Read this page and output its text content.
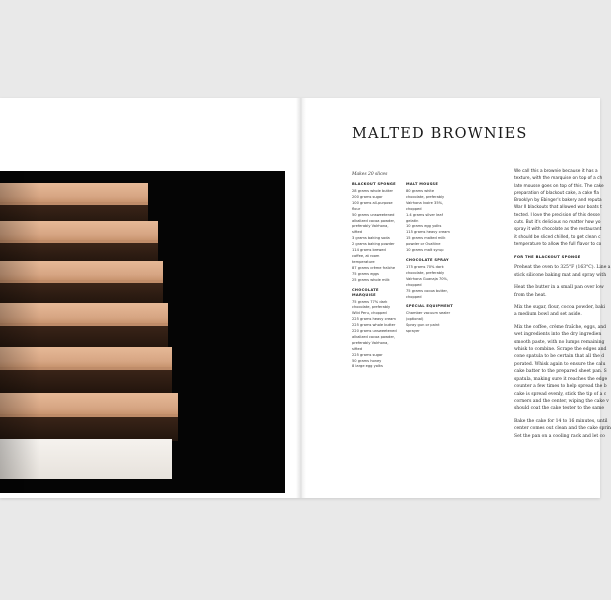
MALTED BROWNIES
Makes 20 slices
BLACKOUT SPONGE
28 grams whole butter
200 grams sugar
100 grams all-purpose
flour
50 grams unsweetened
alkalized cocoa powder,
preferably Valrhona,
sifted
3 grams baking soda
2 grams baking powder
114 grams brewed
coffee, at room
temperature
87 grams crème fraîche
75 grams eggs
25 grams whole milk
CHOCOLATE MARQUISE
75 grams 77% dark
chocolate, preferably
Wild Peru, chopped
225 grams heavy cream
225 grams whole butter
220 grams unsweetened
alkalized cocoa powder,
preferably Valrhona,
sifted
225 grams sugar
50 grams honey
8 large egg yolks
MALT MOUSSE
80 grams white
chocolate, preferably
Valrhona Ivoire 35%,
chopped
1.4 grams silver leaf
gelatin
10 grams egg yolks
115 grams heavy cream
15 grams malted milk
powder or Ovaltine
10 grams malt syrup
CHOCOLATE SPRAY
175 grams 70% dark
chocolate, preferably
Valrhona Guanaja 70%,
chopped
75 grams cocoa butter,
chopped
SPECIAL EQUIPMENT
Chamber vacuum sealer
(optional)
Spray gun or paint
sprayer

We call this a brownie because it has a

texture, with the marquise on top of a ch

late mousse goes on top of this. The cake

preparation of blackout cake, a cake fla

Brooklyn by Ebinger's bakery and reputa

War II blackouts that allowed war boats t

tected. I love the precision of this desse

cuts. But it's delicious no matter how yo

spray it with chocolate as the restaurant

it should be sliced chilled, to get clean c

temperature to allow the full flavor to co

FOR THE BLACKOUT SPONGE

Preheat the oven to 325°F (163°C). Line a
stick silicone baking mat and spray with

Heat the butter in a small pan over low
from the heat.

Mix the sugar, flour, cocoa powder, baki
a medium bowl and set aside.

Mix the coffee, crème fraîche, eggs, and
wet ingredients into the dry ingredien
smooth paste, with no lumps remaining
whisk to combine. Scrape the edges and
cone spatula to be certain that all the d
porated. Whisk again to ensure the calu
cake batter to the prepared sheet pan. S
spatula, making sure it reaches the edge
counter a few times to help spread the b
cake is spread evenly, stick the tip of a c
corners and the center, wiping the cake v
should coat the cake tester to the same

Bake the cake for 14 to 16 minutes, until
center comes out clean and the cake sprin
Set the pan on a cooling rack and let co
